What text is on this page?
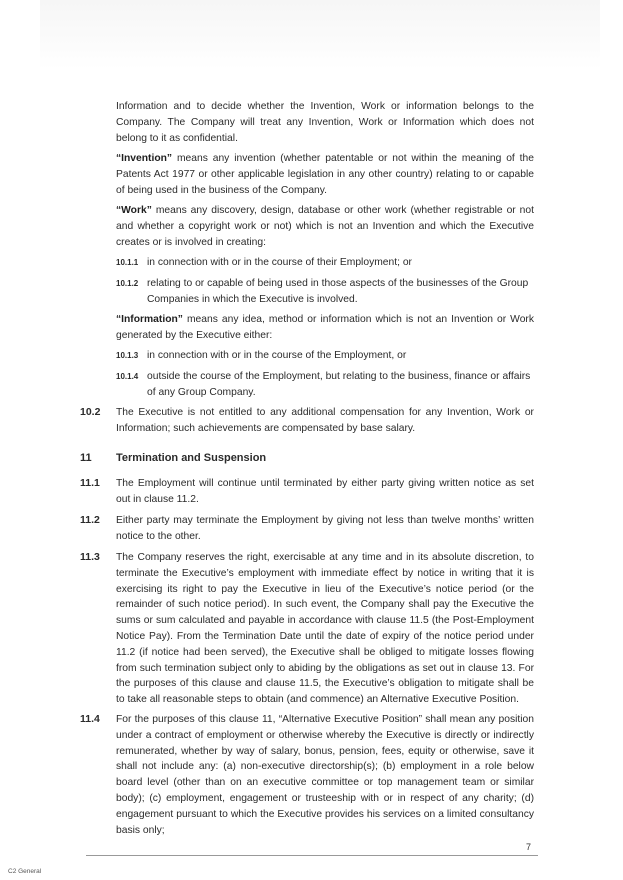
Information and to decide whether the Invention, Work or information belongs to the Company. The Company will treat any Invention, Work or Information which does not belong to it as confidential.

“Invention” means any invention (whether patentable or not within the meaning of the Patents Act 1977 or other applicable legislation in any other country) relating to or capable of being used in the business of the Company.

“Work” means any discovery, design, database or other work (whether registrable or not and whether a copyright work or not) which is not an Invention and which the Executive creates or is involved in creating:

10.1.1 in connection with or in the course of their Employment; or

10.1.2 relating to or capable of being used in those aspects of the businesses of the Group Companies in which the Executive is involved.

“Information” means any idea, method or information which is not an Invention or Work generated by the Executive either:

10.1.3 in connection with or in the course of the Employment, or

10.1.4 outside the course of the Employment, but relating to the business, finance or affairs of any Group Company.

10.2 The Executive is not entitled to any additional compensation for any Invention, Work or Information; such achievements are compensated by base salary.

11 Termination and Suspension
11.1 The Employment will continue until terminated by either party giving written notice as set out in clause 11.2.

11.2 Either party may terminate the Employment by giving not less than twelve months’ written notice to the other.

11.3 The Company reserves the right, exercisable at any time and in its absolute discretion, to terminate the Executive’s employment with immediate effect by notice in writing that it is exercising its right to pay the Executive in lieu of the Executive’s notice period (or the remainder of such notice period). In such event, the Company shall pay the Executive the sums or sum calculated and payable in accordance with clause 11.5 (the Post-Employment Notice Pay). From the Termination Date until the date of expiry of the notice period under 11.2 (if notice had been served), the Executive shall be obliged to mitigate losses flowing from such termination subject only to abiding by the obligations as set out in clause 13. For the purposes of this clause and clause 11.5, the Executive’s obligation to mitigate shall be to take all reasonable steps to obtain (and commence) an Alternative Executive Position.

11.4 For the purposes of this clause 11, “Alternative Executive Position” shall mean any position under a contract of employment or otherwise whereby the Executive is directly or indirectly remunerated, whether by way of salary, bonus, pension, fees, equity or otherwise, save it shall not include any: (a) non-executive directorship(s); (b) employment in a role below board level (other than on an executive committee or top management team or similar body); (c) employment, engagement or trusteeship with or in respect of any charity; (d) engagement pursuant to which the Executive provides his services on a limited consultancy basis only;

7
C2 General
